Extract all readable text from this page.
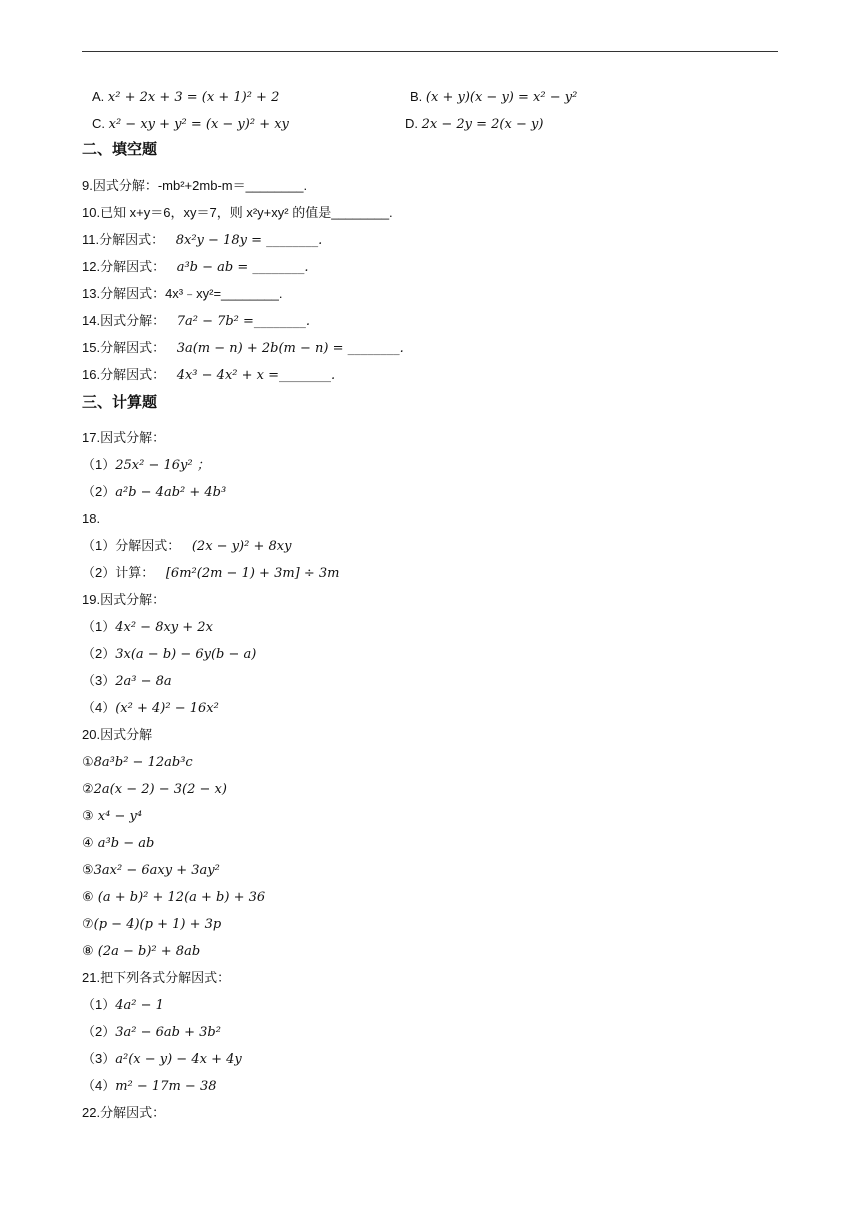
A. x² + 2x + 3 = (x + 1)² + 2	B. (x + y)(x − y) = x² − y²
C. x² − xy + y² = (x − y)² + xy	D. 2x − 2y = 2(x − y)
二、填空题
9.因式分解：-mb²+2mb-m＝________.
10.已知 x+y＝6，xy＝7，则 x²y+xy² 的值是________.
11.分解因式： 8x²y − 18y = ________.
12.分解因式： a³b − ab = ________.
13.分解因式：4x³﹣xy²=________.
14.因式分解： 7a² − 7b² =________.
15.分解因式： 3a(m − n) + 2b(m − n) = ________.
16.分解因式： 4x³ − 4x² + x =________.
三、计算题
17.因式分解：
（1）25x² − 16y² ；
（2）a²b − 4ab² + 4b³
18.
（1）分解因式： (2x − y)² + 8xy
（2）计算： [6m²(2m − 1) + 3m] ÷ 3m
19.因式分解：
（1）4x² − 8xy + 2x
（2）3x(a − b) − 6y(b − a)
（3）2a³ − 8a
（4）(x² + 4)² − 16x²
20.因式分解
①8a³b² − 12ab³c
②2a(x − 2) − 3(2 − x)
③ x⁴ − y⁴
④ a³b − ab
⑤3ax² − 6axy + 3ay²
⑥ (a + b)² + 12(a + b) + 36
⑦(p − 4)(p + 1) + 3p
⑧ (2a − b)² + 8ab
21.把下列各式分解因式：
（1）4a² − 1
（2）3a² − 6ab + 3b²
（3）a²(x − y) − 4x + 4y
（4）m² − 17m − 38
22.分解因式：
